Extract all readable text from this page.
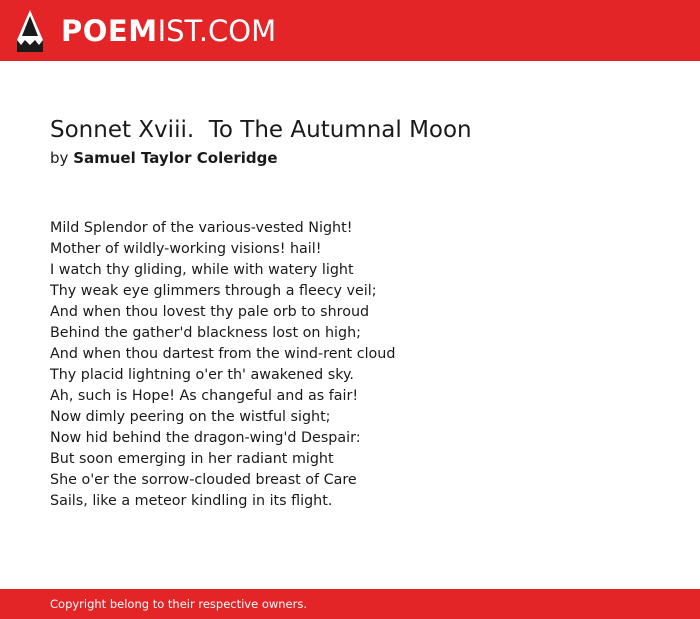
POEMIST.COM
Sonnet Xviii.  To The Autumnal Moon
by Samuel Taylor Coleridge
Mild Splendor of the various-vested Night!
Mother of wildly-working visions! hail!
I watch thy gliding, while with watery light
Thy weak eye glimmers through a fleecy veil;
And when thou lovest thy pale orb to shroud
Behind the gather'd blackness lost on high;
And when thou dartest from the wind-rent cloud
Thy placid lightning o'er th' awakened sky.
Ah, such is Hope! As changeful and as fair!
Now dimly peering on the wistful sight;
Now hid behind the dragon-wing'd Despair:
But soon emerging in her radiant might
She o'er the sorrow-clouded breast of Care
Sails, like a meteor kindling in its flight.
Copyright belong to their respective owners.
